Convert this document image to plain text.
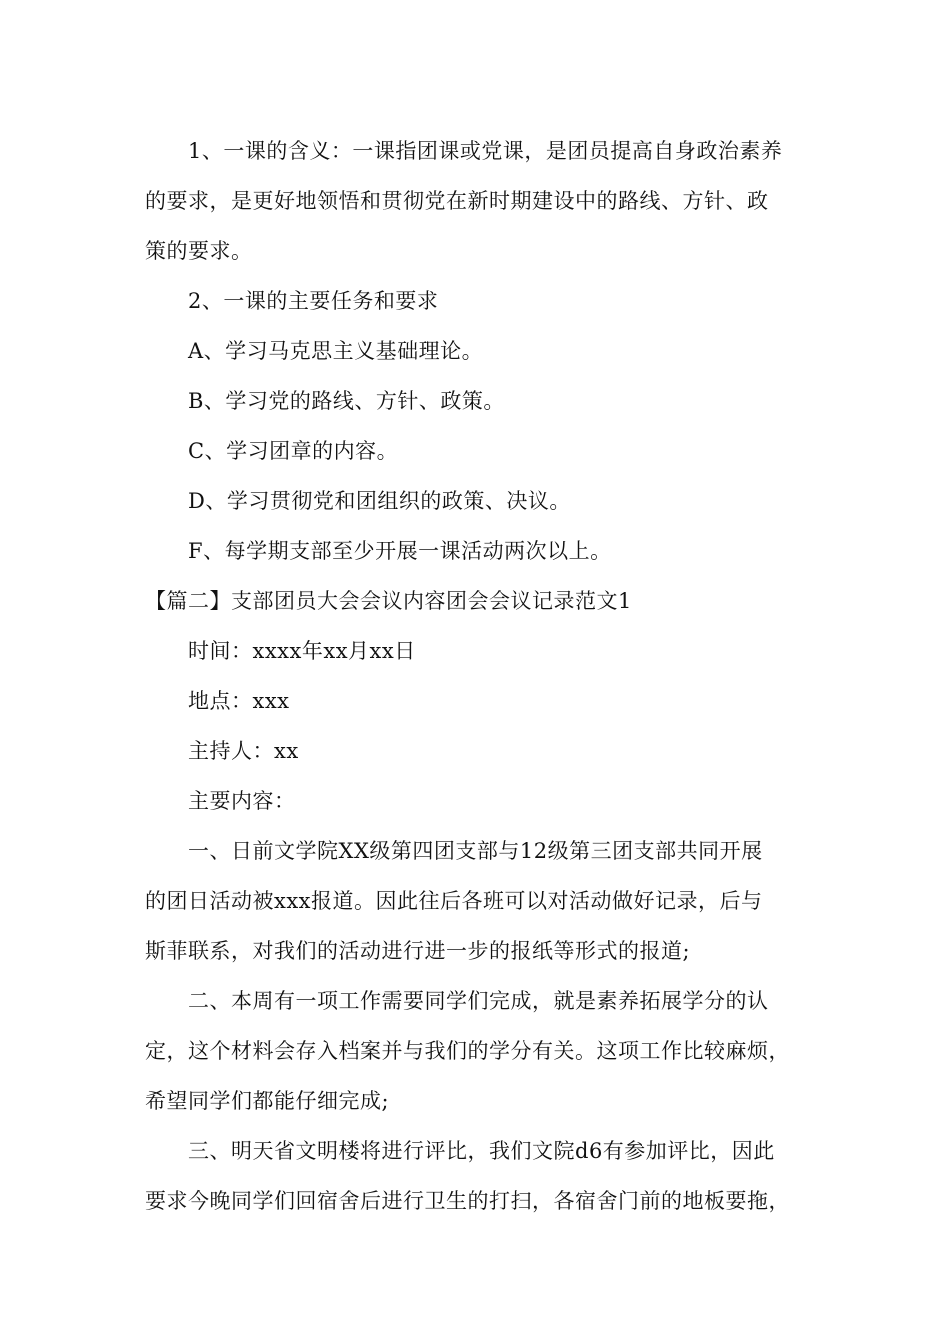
1、一课的含义：一课指团课或党课，是团员提高自身政治素养
的要求，是更好地领悟和贯彻党在新时期建设中的路线、方针、政
策的要求。
2、一课的主要任务和要求
A、学习马克思主义基础理论。
B、学习党的路线、方针、政策。
C、学习团章的内容。
D、学习贯彻党和团组织的政策、决议。
F、每学期支部至少开展一课活动两次以上。
【篇二】支部团员大会会议内容团会会议记录范文1
时间：xxxx年xx月xx日
地点：xxx
主持人：xx
主要内容：
一、日前文学院XX级第四团支部与12级第三团支部共同开展
的团日活动被xxx报道。因此往后各班可以对活动做好记录，后与
斯菲联系，对我们的活动进行进一步的报纸等形式的报道;
二、本周有一项工作需要同学们完成，就是素养拓展学分的认
定，这个材料会存入档案并与我们的学分有关。这项工作比较麻烦，
希望同学们都能仔细完成;
三、明天省文明楼将进行评比，我们文院d6有参加评比，因此
要求今晚同学们回宿舍后进行卫生的打扫，各宿舍门前的地板要拖，
